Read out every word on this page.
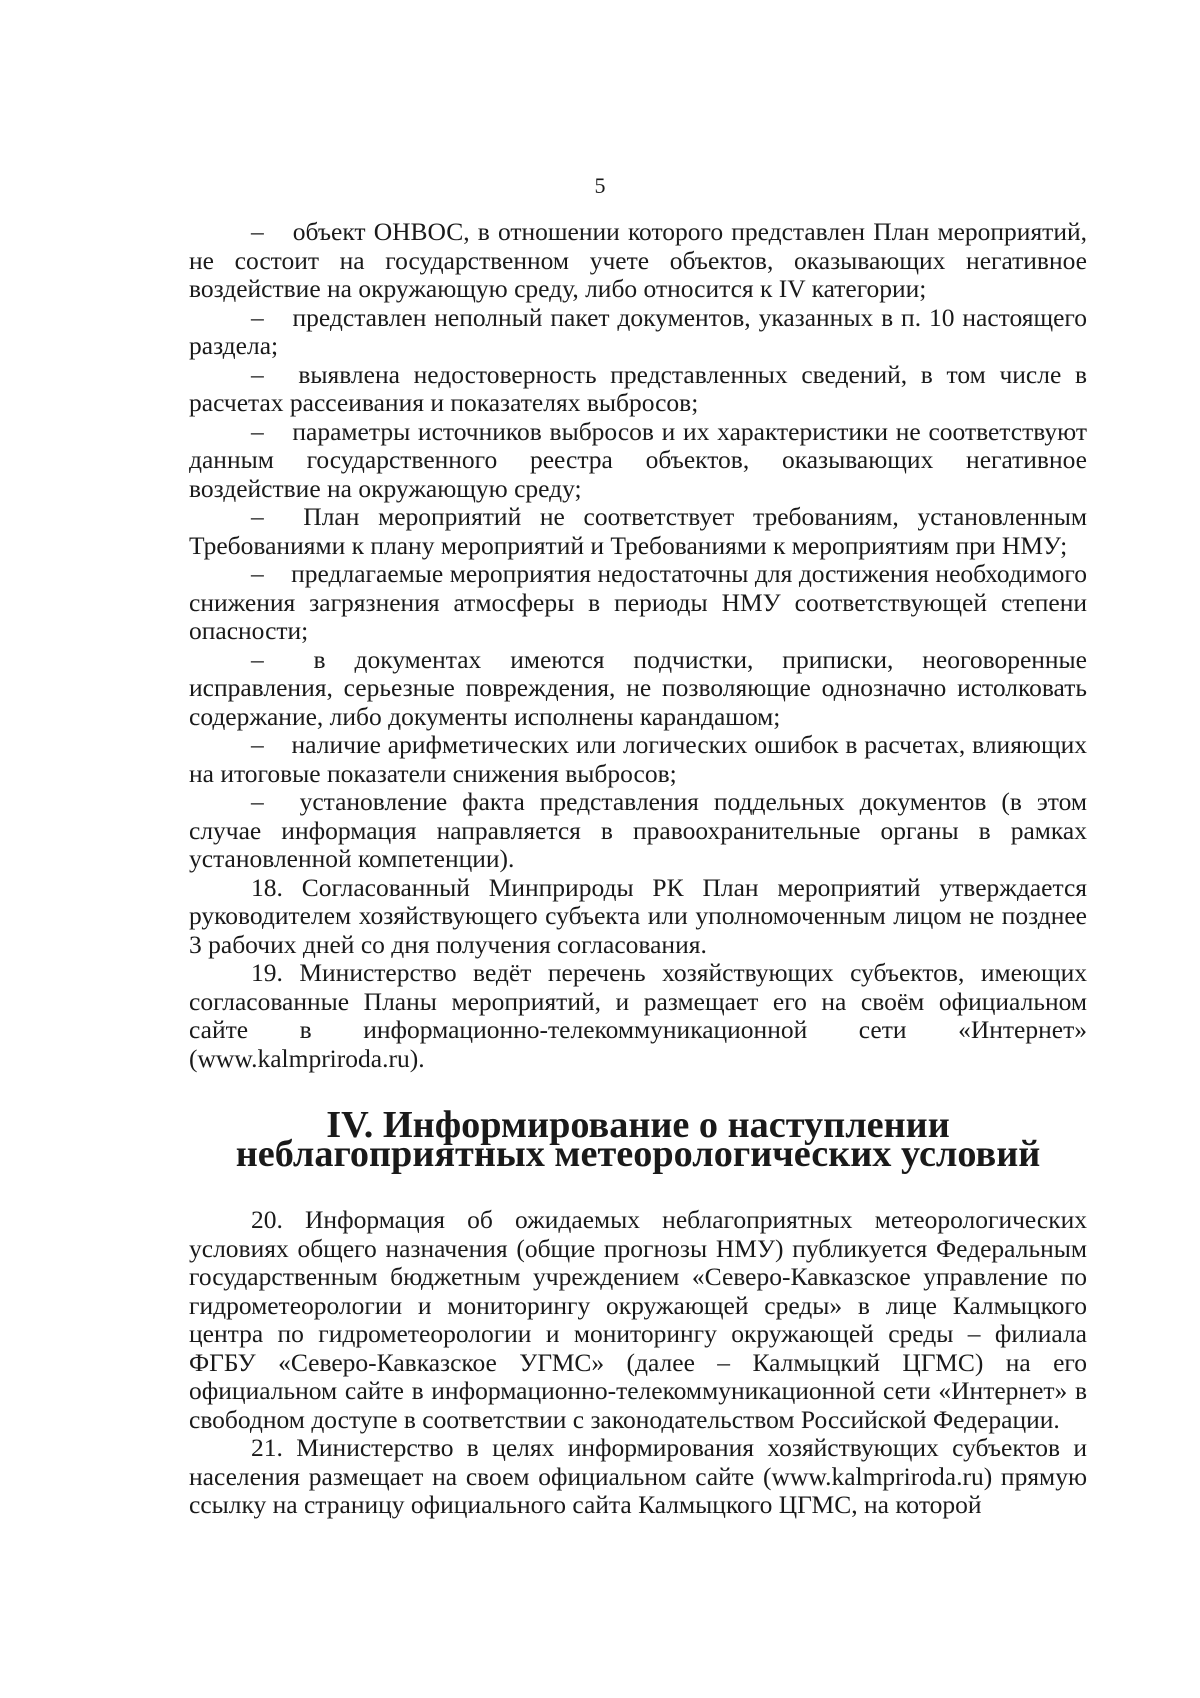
5

–	объект ОНВОС, в отношении которого представлен План мероприятий, не состоит на государственном учете объектов, оказывающих негативное воздействие на окружающую среду, либо относится к IV категории;

–	представлен неполный пакет документов, указанных в п. 10 настоящего раздела;

–	выявлена недостоверность представленных сведений, в том числе в расчетах рассеивания и показателях выбросов;

–	параметры источников выбросов и их характеристики не соответствуют данным государственного реестра объектов, оказывающих негативное воздействие на окружающую среду;

–	План мероприятий не соответствует требованиям, установленным Требованиями к плану мероприятий и Требованиями к мероприятиям при НМУ;

–	предлагаемые мероприятия недостаточны для достижения необходимого снижения загрязнения атмосферы в периоды НМУ соответствующей степени опасности;

–	в документах имеются подчистки, приписки, неоговоренные исправления, серьезные повреждения, не позволяющие однозначно истолковать содержание, либо документы исполнены карандашом;

–	наличие арифметических или логических ошибок в расчетах, влияющих на итоговые показатели снижения выбросов;

–	установление факта представления поддельных документов (в этом случае информация направляется в правоохранительные органы в рамках установленной компетенции).

18. Согласованный Минприроды РК План мероприятий утверждается руководителем хозяйствующего субъекта или уполномоченным лицом не позднее 3 рабочих дней со дня получения согласования.

19. Министерство ведёт перечень хозяйствующих субъектов, имеющих согласованные Планы мероприятий, и размещает его на своём официальном сайте в информационно-телекоммуникационной сети «Интернет» (www.kalmpriroda.ru).

IV. Информирование о наступлении неблагоприятных метеорологических условий

20. Информация об ожидаемых неблагоприятных метеорологических условиях общего назначения (общие прогнозы НМУ) публикуется Федеральным государственным бюджетным учреждением «Северо-Кавказское управление по гидрометеорологии и мониторингу окружающей среды» в лице Калмыцкого центра по гидрометеорологии и мониторингу окружающей среды – филиала ФГБУ «Северо-Кавказское УГМС» (далее – Калмыцкий ЦГМС) на его официальном сайте в информационно-телекоммуникационной сети «Интернет» в свободном доступе в соответствии с законодательством Российской Федерации.

21. Министерство в целях информирования хозяйствующих субъектов и населения размещает на своем официальном сайте (www.kalmpriroda.ru) прямую ссылку на страницу официального сайта Калмыцкого ЦГМС, на которой
